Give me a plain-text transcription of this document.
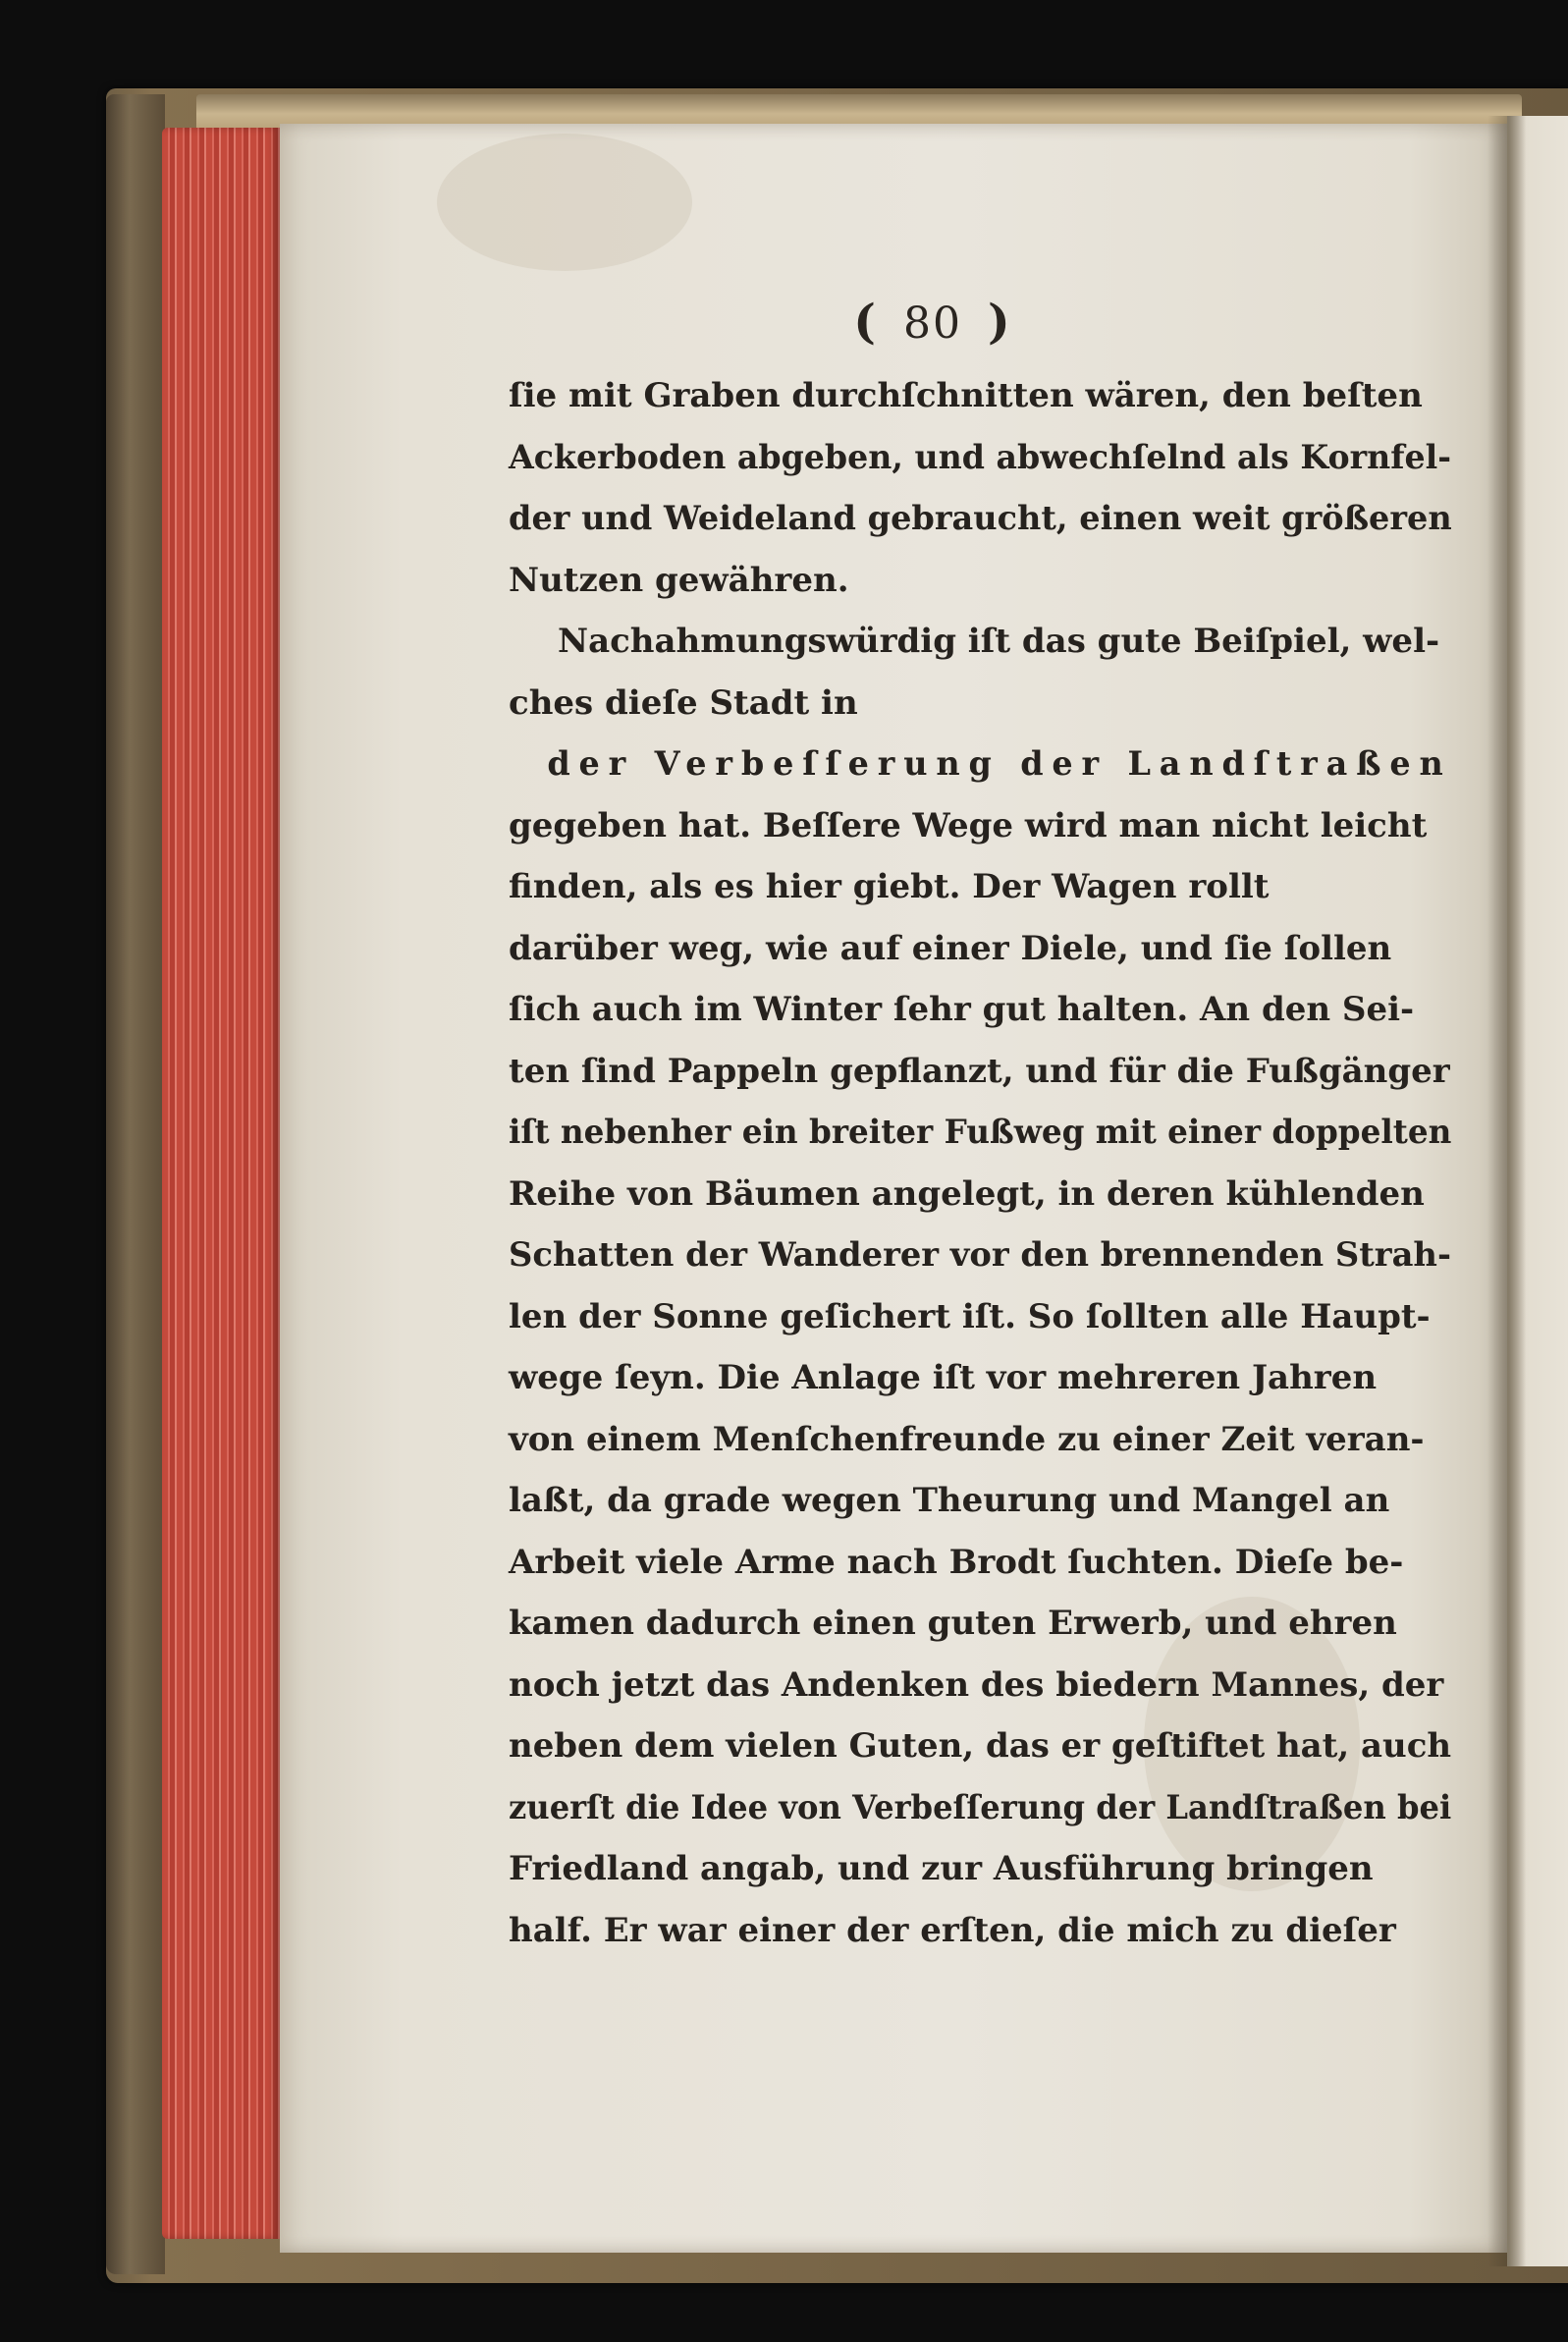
( 80 )
ſie mit Graben durchſchnitten wären, den beſten
Ackerboden abgeben, und abwechſelnd als Kornfel-
der und Weideland gebraucht, einen weit größeren
Nutzen gewähren.
Nachahmungswürdig iſt das gute Beiſpiel, wel-
ches dieſe Stadt in
der Verbeſſerung der Landſtraßen
gegeben hat. Beſſere Wege wird man nicht leicht
finden, als es hier giebt. Der Wagen rollt
darüber weg, wie auf einer Diele, und ſie ſollen
ſich auch im Winter ſehr gut halten. An den Sei-
ten ſind Pappeln gepflanzt, und für die Fußgänger
iſt nebenher ein breiter Fußweg mit einer doppelten
Reihe von Bäumen angelegt, in deren kühlenden
Schatten der Wanderer vor den brennenden Strah-
len der Sonne geſichert iſt. So ſollten alle Haupt-
wege ſeyn. Die Anlage iſt vor mehreren Jahren
von einem Menſchenfreunde zu einer Zeit veran-
laßt, da grade wegen Theurung und Mangel an
Arbeit viele Arme nach Brodt ſuchten. Dieſe be-
kamen dadurch einen guten Erwerb, und ehren
noch jetzt das Andenken des biedern Mannes, der
neben dem vielen Guten, das er geſtiftet hat, auch
zuerſt die Idee von Verbeſſerung der Landſtraßen bei
Friedland angab, und zur Ausführung bringen
half. Er war einer der erſten, die mich zu dieſer
